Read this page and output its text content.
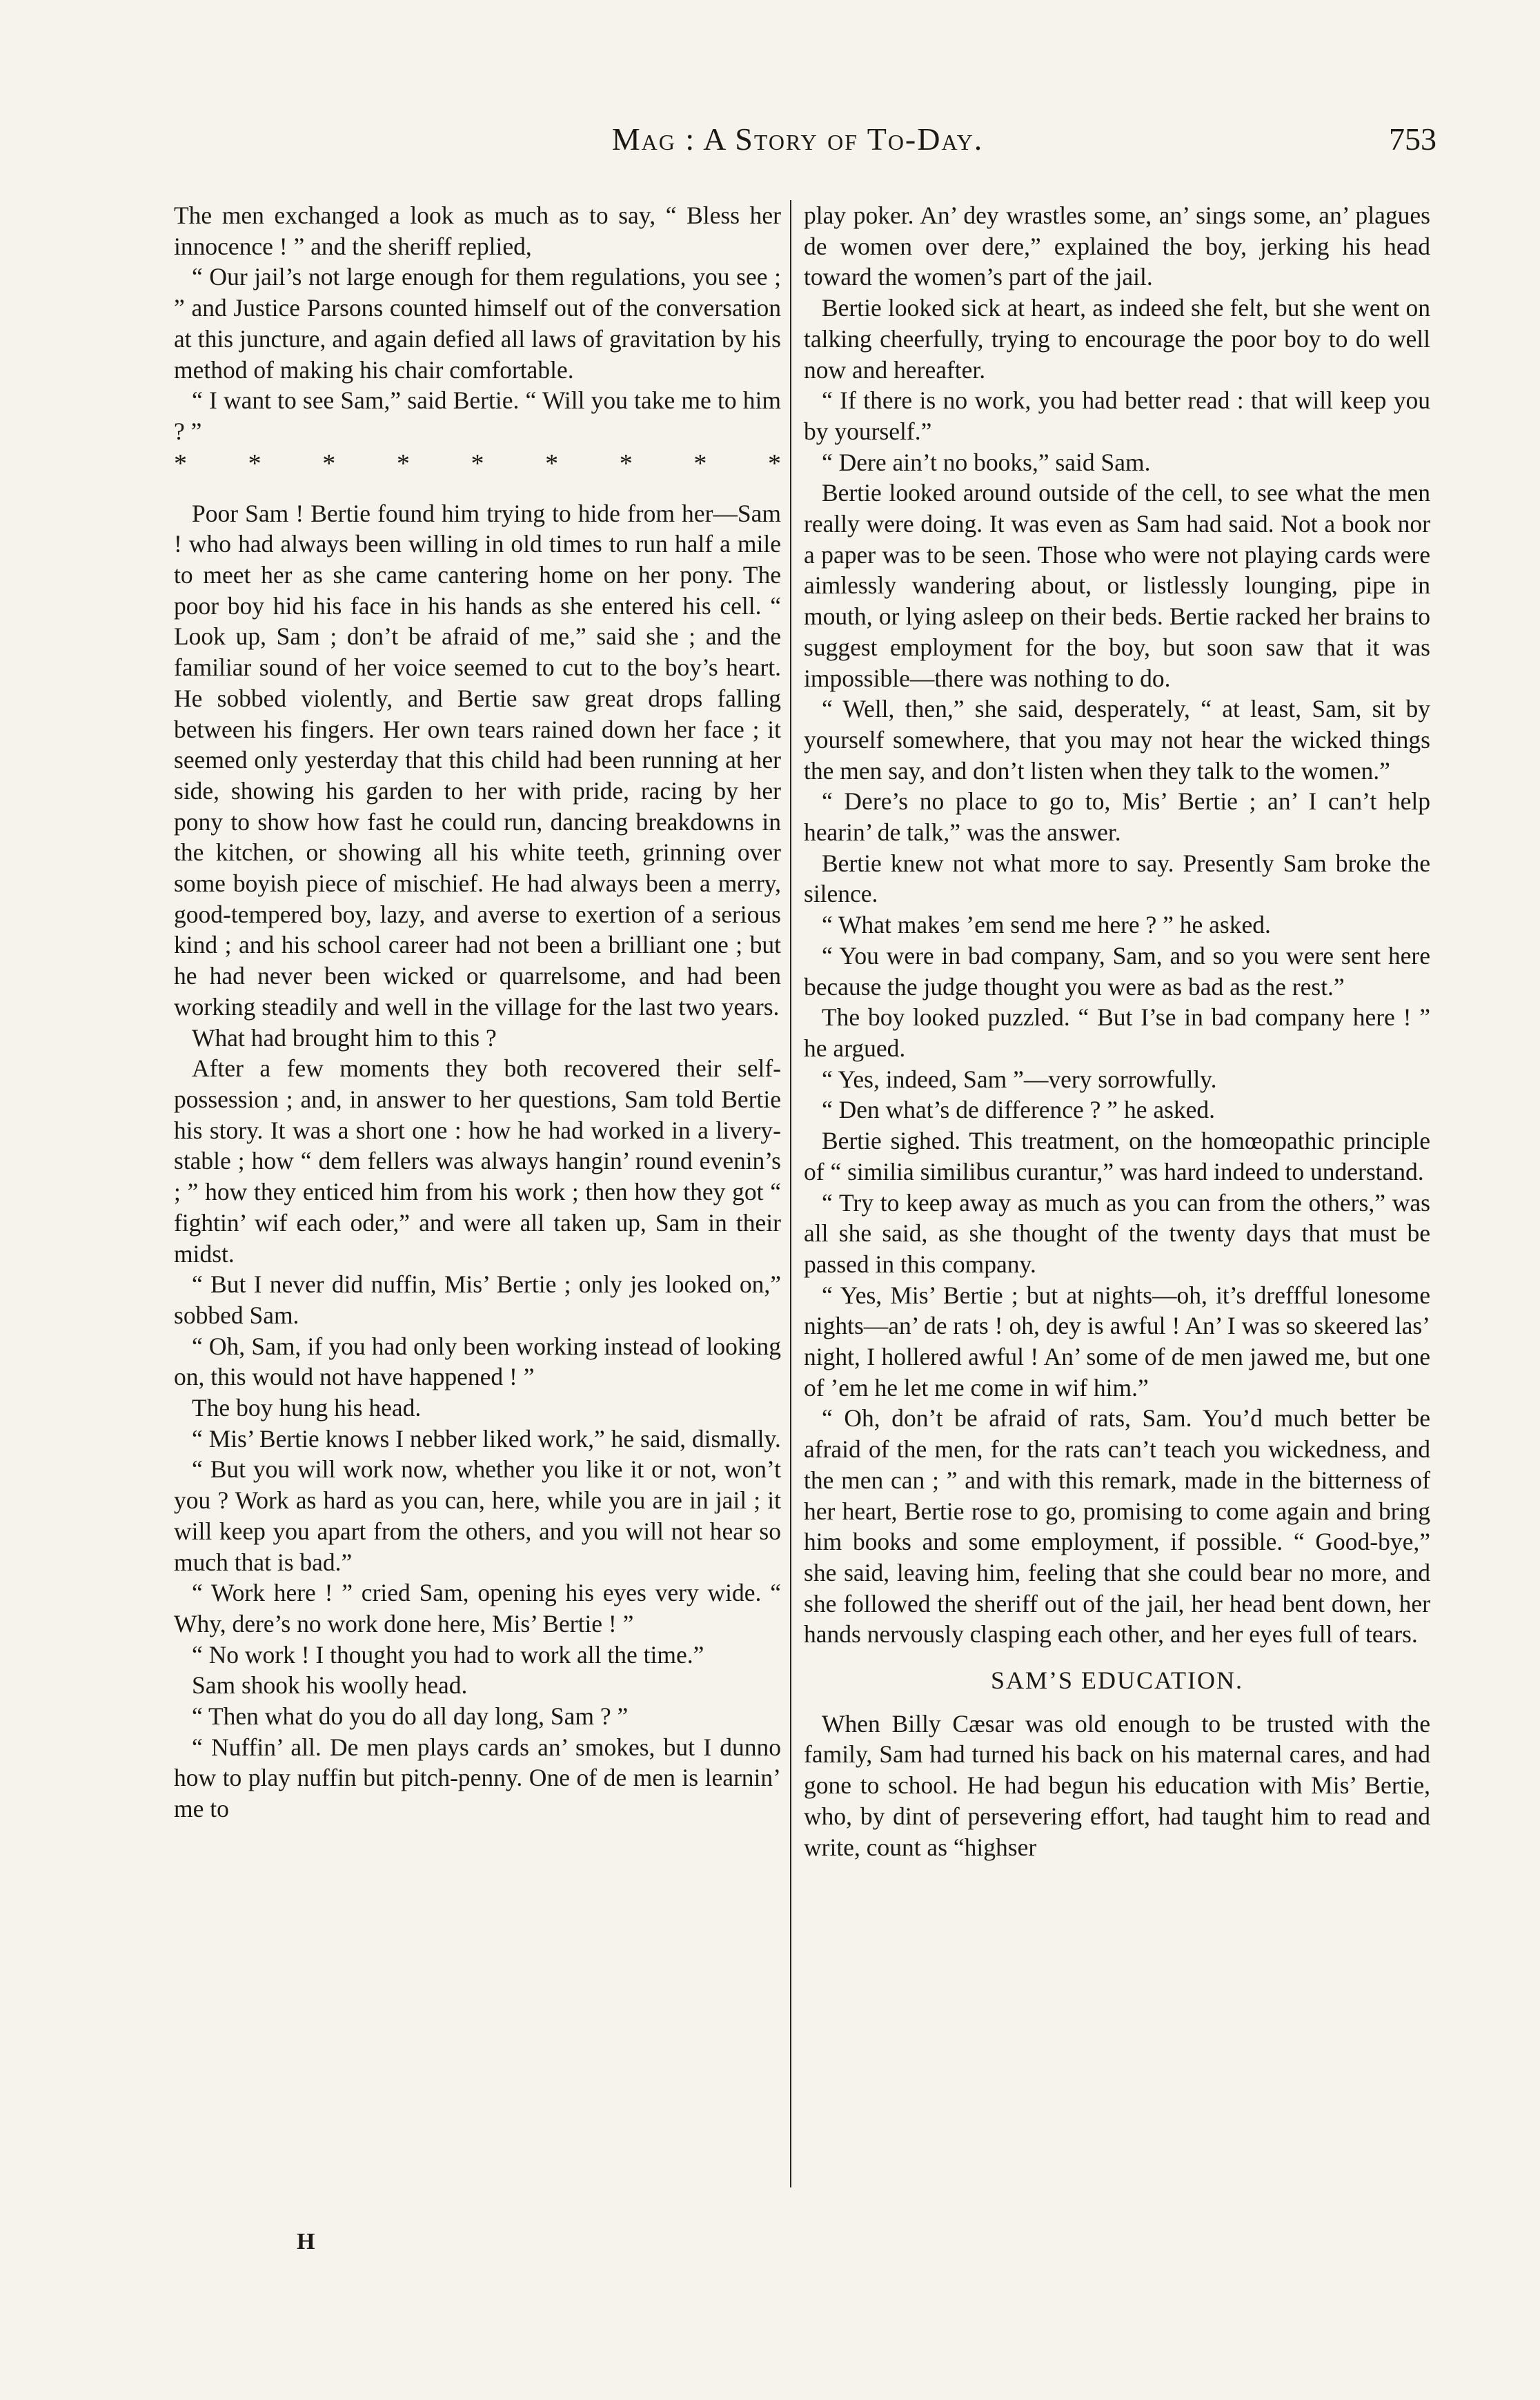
Mag : A Story of To-Day.	753

The men exchanged a look as much as to say, “ Bless her innocence ! ” and the sheriff replied,

“ Our jail’s not large enough for them regulations, you see ; ” and Justice Parsons counted himself out of the conversation at this juncture, and again defied all laws of gravitation by his method of making his chair comfortable.

“ I want to see Sam,” said Bertie. “ Will you take me to him ? ”

* * * * * * * * *

Poor Sam ! Bertie found him trying to hide from her—Sam ! who had always been willing in old times to run half a mile to meet her as she came cantering home on her pony. The poor boy hid his face in his hands as she entered his cell. “ Look up, Sam ; don’t be afraid of me,” said she ; and the familiar sound of her voice seemed to cut to the boy’s heart. He sobbed violently, and Bertie saw great drops falling between his fingers. Her own tears rained down her face ; it seemed only yesterday that this child had been running at her side, showing his garden to her with pride, racing by her pony to show how fast he could run, dancing breakdowns in the kitchen, or showing all his white teeth, grinning over some boyish piece of mischief. He had always been a merry, good-tempered boy, lazy, and averse to exertion of a serious kind ; and his school career had not been a brilliant one ; but he had never been wicked or quarrelsome, and had been working steadily and well in the village for the last two years.

What had brought him to this ?

After a few moments they both recovered their self-possession ; and, in answer to her questions, Sam told Bertie his story. It was a short one : how he had worked in a livery-stable ; how “ dem fellers was always hangin’ round evenin’s ; ” how they enticed him from his work ; then how they got “ fightin’ wif each oder,” and were all taken up, Sam in their midst.

“ But I never did nuffin, Mis’ Bertie ; only jes looked on,” sobbed Sam.

“ Oh, Sam, if you had only been working instead of looking on, this would not have happened ! ”

The boy hung his head.

“ Mis’ Bertie knows I nebber liked work,” he said, dismally.

“ But you will work now, whether you like it or not, won’t you ? Work as hard as you can, here, while you are in jail ; it will keep you apart from the others, and you will not hear so much that is bad.”

“ Work here ! ” cried Sam, opening his eyes very wide. “ Why, dere’s no work done here, Mis’ Bertie ! ”

“ No work ! I thought you had to work all the time.”

Sam shook his woolly head.

“ Then what do you do all day long, Sam ? ”

“ Nuffin’ all. De men plays cards an’ smokes, but I dunno how to play nuffin but pitch-penny. One of de men is learnin’ me to

play poker. An’ dey wrastles some, an’ sings some, an’ plagues de women over dere,” explained the boy, jerking his head toward the women’s part of the jail.

Bertie looked sick at heart, as indeed she felt, but she went on talking cheerfully, trying to encourage the poor boy to do well now and hereafter.

“ If there is no work, you had better read : that will keep you by yourself.”

“ Dere ain’t no books,” said Sam.

Bertie looked around outside of the cell, to see what the men really were doing. It was even as Sam had said. Not a book nor a paper was to be seen. Those who were not playing cards were aimlessly wandering about, or listlessly lounging, pipe in mouth, or lying asleep on their beds. Bertie racked her brains to suggest employment for the boy, but soon saw that it was impossible—there was nothing to do.

“ Well, then,” she said, desperately, “ at least, Sam, sit by yourself somewhere, that you may not hear the wicked things the men say, and don’t listen when they talk to the women.”

“ Dere’s no place to go to, Mis’ Bertie ; an’ I can’t help hearin’ de talk,” was the answer.

Bertie knew not what more to say. Presently Sam broke the silence.

“ What makes ’em send me here ? ” he asked.

“ You were in bad company, Sam, and so you were sent here because the judge thought you were as bad as the rest.”

The boy looked puzzled. “ But I’se in bad company here ! ” he argued.

“ Yes, indeed, Sam ”—very sorrowfully.

“ Den what’s de difference ? ” he asked.

Bertie sighed. This treatment, on the homœopathic principle of “ similia similibus curantur,” was hard indeed to understand.

“ Try to keep away as much as you can from the others,” was all she said, as she thought of the twenty days that must be passed in this company.

“ Yes, Mis’ Bertie ; but at nights—oh, it’s dreffful lonesome nights—an’ de rats ! oh, dey is awful ! An’ I was so skeered las’ night, I hollered awful ! An’ some of de men jawed me, but one of ’em he let me come in wif him.”

“ Oh, don’t be afraid of rats, Sam. You’d much better be afraid of the men, for the rats can’t teach you wickedness, and the men can ; ” and with this remark, made in the bitterness of her heart, Bertie rose to go, promising to come again and bring him books and some employment, if possible. “ Good-bye,” she said, leaving him, feeling that she could bear no more, and she followed the sheriff out of the jail, her head bent down, her hands nervously clasping each other, and her eyes full of tears.

SAM’S EDUCATION.

When Billy Cæsar was old enough to be trusted with the family, Sam had turned his back on his maternal cares, and had gone to school. He had begun his education with Mis’ Bertie, who, by dint of persevering effort, had taught him to read and write, count as “highser

H
